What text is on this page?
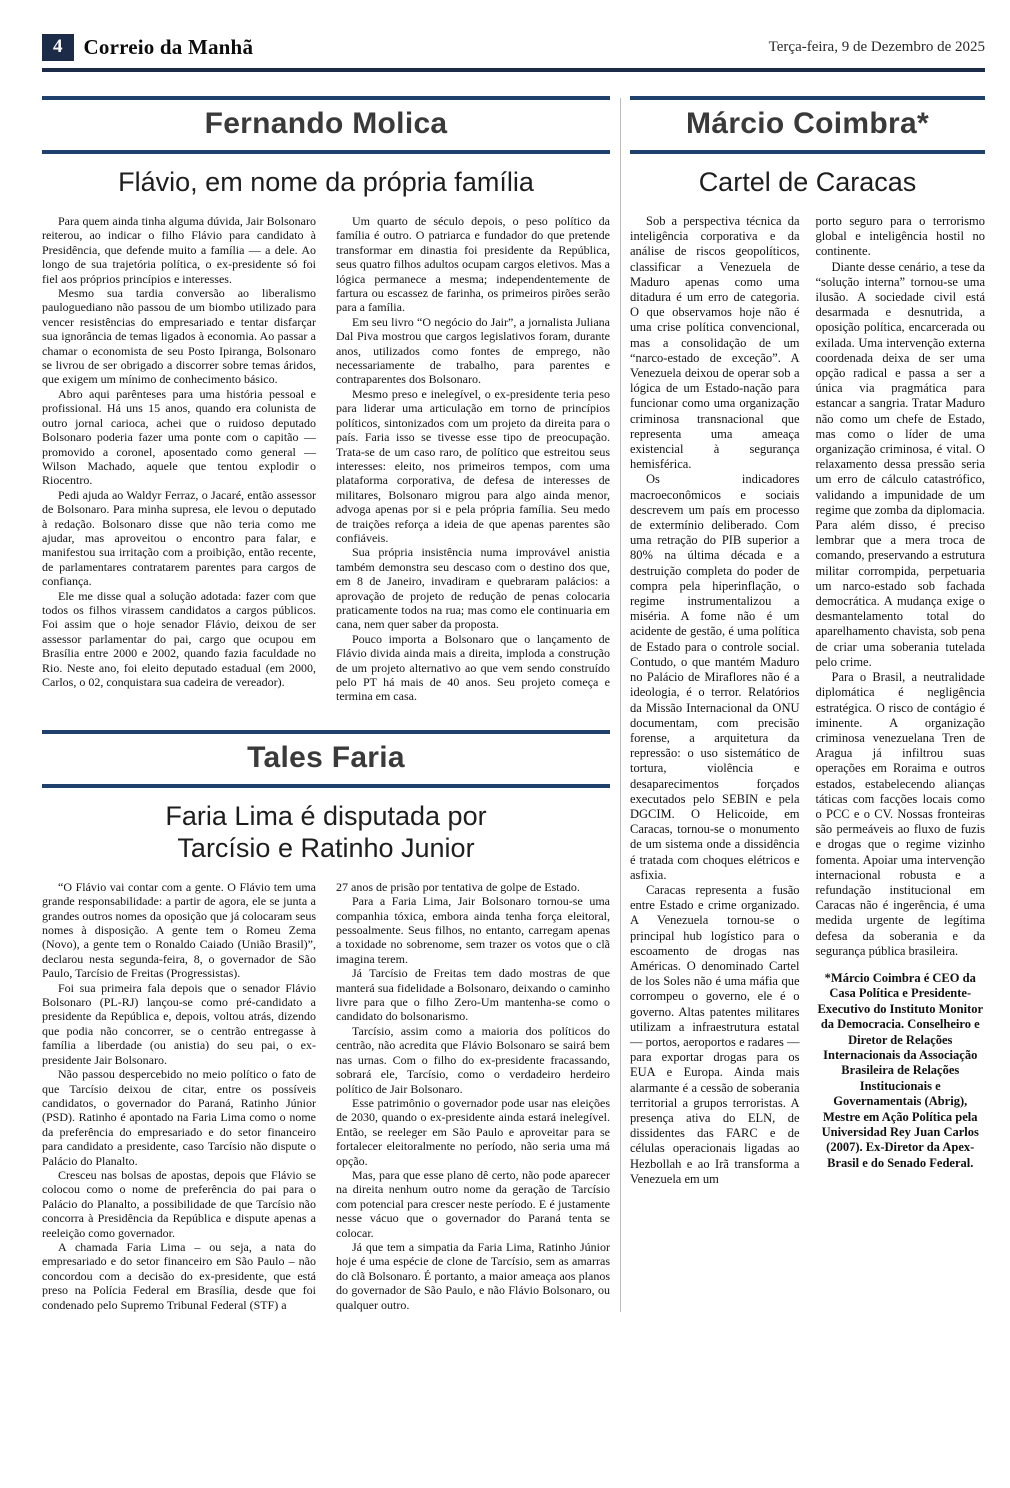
4	Correio da Manhã	Terça-feira, 9 de Dezembro de 2025
Fernando Molica
Flávio, em nome da própria família

Para quem ainda tinha alguma dúvida, Jair Bolsonaro reiterou, ao indicar o filho Flávio para candidato à Presidência, que defende muito a família — a dele. Ao longo de sua trajetória política, o ex-presidente só foi fiel aos próprios princípios e interesses.

Mesmo sua tardia conversão ao liberalismo pauloguediano não passou de um biombo utilizado para vencer resistências do empresariado e tentar disfarçar sua ignorância de temas ligados à economia. Ao passar a chamar o economista de seu Posto Ipiranga, Bolsonaro se livrou de ser obrigado a discorrer sobre temas áridos, que exigem um mínimo de conhecimento básico.

Abro aqui parênteses para uma história pessoal e profissional. Há uns 15 anos, quando era colunista de outro jornal carioca, achei que o ruidoso deputado Bolsonaro poderia fazer uma ponte com o capitão — promovido a coronel, aposentado como general — Wilson Machado, aquele que tentou explodir o Riocentro.

Pedi ajuda ao Waldyr Ferraz, o Jacaré, então assessor de Bolsonaro. Para minha supresa, ele levou o deputado à redação. Bolsonaro disse que não teria como me ajudar, mas aproveitou o encontro para falar, e manifestou sua irritação com a proibição, então recente, de parlamentares contratarem parentes para cargos de confiança.

Ele me disse qual a solução adotada: fazer com que todos os filhos virassem candidatos a cargos públicos. Foi assim que o hoje senador Flávio, deixou de ser assessor parlamentar do pai, cargo que ocupou em Brasília entre 2000 e 2002, quando fazia faculdade no Rio. Neste ano, foi eleito deputado estadual (em 2000, Carlos, o 02, conquistara sua cadeira de vereador).

Um quarto de século depois, o peso político da família é outro. O patriarca e fundador do que pretende transformar em dinastia foi presidente da República, seus quatro filhos adultos ocupam cargos eletivos. Mas a lógica permanece a mesma; independentemente de fartura ou escassez de farinha, os primeiros pirões serão para a família.

Em seu livro “O negócio do Jair”, a jornalista Juliana Dal Piva mostrou que cargos legislativos foram, durante anos, utilizados como fontes de emprego, não necessariamente de trabalho, para parentes e contraparentes dos Bolsonaro.

Mesmo preso e inelegível, o ex-presidente teria peso para liderar uma articulação em torno de princípios políticos, sintonizados com um projeto da direita para o país. Faria isso se tivesse esse tipo de preocupação. Trata-se de um caso raro, de político que estreitou seus interesses: eleito, nos primeiros tempos, com uma plataforma corporativa, de defesa de interesses de militares, Bolsonaro migrou para algo ainda menor, advoga apenas por si e pela própria família. Seu medo de traições reforça a ideia de que apenas parentes são confiáveis.

Sua própria insistência numa improvável anistia também demonstra seu descaso com o destino dos que, em 8 de Janeiro, invadiram e quebraram palácios: a aprovação de projeto de redução de penas colocaria praticamente todos na rua; mas como ele continuaria em cana, nem quer saber da proposta.

Pouco importa a Bolsonaro que o lançamento de Flávio divida ainda mais a direita, imploda a construção de um projeto alternativo ao que vem sendo construído pelo PT há mais de 40 anos. Seu projeto começa e termina em casa.

Tales Faria
Faria Lima é disputada por Tarcísio e Ratinho Junior

“O Flávio vai contar com a gente. O Flávio tem uma grande responsabilidade: a partir de agora, ele se junta a grandes outros nomes da oposição que já colocaram seus nomes à disposição. A gente tem o Romeu Zema (Novo), a gente tem o Ronaldo Caiado (União Brasil)”, declarou nesta segunda-feira, 8, o governador de São Paulo, Tarcísio de Freitas (Progressistas).

Foi sua primeira fala depois que o senador Flávio Bolsonaro (PL-RJ) lançou-se como pré-candidato a presidente da República e, depois, voltou atrás, dizendo que podia não concorrer, se o centrão entregasse à família a liberdade (ou anistia) do seu pai, o ex-presidente Jair Bolsonaro.

Não passou despercebido no meio político o fato de que Tarcísio deixou de citar, entre os possíveis candidatos, o governador do Paraná, Ratinho Júnior (PSD). Ratinho é apontado na Faria Lima como o nome da preferência do empresariado e do setor financeiro para candidato a presidente, caso Tarcísio não dispute o Palácio do Planalto.

Cresceu nas bolsas de apostas, depois que Flávio se colocou como o nome de preferência do pai para o Palácio do Planalto, a possibilidade de que Tarcísio não concorra à Presidência da República e dispute apenas a reeleição como governador.

A chamada Faria Lima – ou seja, a nata do empresariado e do setor financeiro em São Paulo – não concordou com a decisão do ex-presidente, que está preso na Polícia Federal em Brasília, desde que foi condenado pelo Supremo Tribunal Federal (STF) a

27 anos de prisão por tentativa de golpe de Estado.

Para a Faria Lima, Jair Bolsonaro tornou-se uma companhia tóxica, embora ainda tenha força eleitoral, pessoalmente. Seus filhos, no entanto, carregam apenas a toxidade no sobrenome, sem trazer os votos que o clã imagina terem.

Já Tarcísio de Freitas tem dado mostras de que manterá sua fidelidade a Bolsonaro, deixando o caminho livre para que o filho Zero-Um mantenha-se como o candidato do bolsonarismo.

Tarcísio, assim como a maioria dos políticos do centrão, não acredita que Flávio Bolsonaro se sairá bem nas urnas. Com o filho do ex-presidente fracassando, sobrará ele, Tarcísio, como o verdadeiro herdeiro político de Jair Bolsonaro.

Esse patrimônio o governador pode usar nas eleições de 2030, quando o ex-presidente ainda estará inelegível. Então, se reeleger em São Paulo e aproveitar para se fortalecer eleitoralmente no período, não seria uma má opção.

Mas, para que esse plano dê certo, não pode aparecer na direita nenhum outro nome da geração de Tarcísio com potencial para crescer neste período. E é justamente nesse vácuo que o governador do Paraná tenta se colocar.

Já que tem a simpatia da Faria Lima, Ratinho Júnior hoje é uma espécie de clone de Tarcísio, sem as amarras do clã Bolsonaro. É portanto, a maior ameaça aos planos do governador de São Paulo, e não Flávio Bolsonaro, ou qualquer outro.

Márcio Coimbra*
Cartel de Caracas

Sob a perspectiva técnica da inteligência corporativa e da análise de riscos geopolíticos, classificar a Venezuela de Maduro apenas como uma ditadura é um erro de categoria. O que observamos hoje não é uma crise política convencional, mas a consolidação de um “narco-estado de exceção”. A Venezuela deixou de operar sob a lógica de um Estado-nação para funcionar como uma organização criminosa transnacional que representa uma ameaça existencial à segurança hemisférica.

Os indicadores macroeconômicos e sociais descrevem um país em processo de extermínio deliberado. Com uma retração do PIB superior a 80% na última década e a destruição completa do poder de compra pela hiperinflação, o regime instrumentalizou a miséria. A fome não é um acidente de gestão, é uma política de Estado para o controle social. Contudo, o que mantém Maduro no Palácio de Miraflores não é a ideologia, é o terror. Relatórios da Missão Internacional da ONU documentam, com precisão forense, a arquitetura da repressão: o uso sistemático de tortura, violência e desaparecimentos forçados executados pelo SEBIN e pela DGCIM. O Helicoide, em Caracas, tornou-se o monumento de um sistema onde a dissidência é tratada com choques elétricos e asfixia.

Caracas representa a fusão entre Estado e crime organizado. A Venezuela tornou-se o principal hub logístico para o escoamento de drogas nas Américas. O denominado Cartel de los Soles não é uma máfia que corrompeu o governo, ele é o governo. Altas patentes militares utilizam a infraestrutura estatal — portos, aeroportos e radares — para exportar drogas para os EUA e Europa. Ainda mais alarmante é a cessão de soberania territorial a grupos terroristas. A presença ativa do ELN, de dissidentes das FARC e de células operacionais ligadas ao Hezbollah e ao Irã transforma a Venezuela em um

porto seguro para o terrorismo global e inteligência hostil no continente.

Diante desse cenário, a tese da “solução interna” tornou-se uma ilusão. A sociedade civil está desarmada e desnutrida, a oposição política, encarcerada ou exilada. Uma intervenção externa coordenada deixa de ser uma opção radical e passa a ser a única via pragmática para estancar a sangria. Tratar Maduro não como um chefe de Estado, mas como o líder de uma organização criminosa, é vital. O relaxamento dessa pressão seria um erro de cálculo catastrófico, validando a impunidade de um regime que zomba da diplomacia. Para além disso, é preciso lembrar que a mera troca de comando, preservando a estrutura militar corrompida, perpetuaria um narco-estado sob fachada democrática. A mudança exige o desmantelamento total do aparelhamento chavista, sob pena de criar uma soberania tutelada pelo crime.

Para o Brasil, a neutralidade diplomática é negligência estratégica. O risco de contágio é iminente. A organização criminosa venezuelana Tren de Aragua já infiltrou suas operações em Roraima e outros estados, estabelecendo alianças táticas com facções locais como o PCC e o CV. Nossas fronteiras são permeáveis ao fluxo de fuzis e drogas que o regime vizinho fomenta. Apoiar uma intervenção internacional robusta e a refundação institucional em Caracas não é ingerência, é uma medida urgente de legítima defesa da soberania e da segurança pública brasileira.

*Márcio Coimbra é CEO da Casa Política e Presidente-Executivo do Instituto Monitor da Democracia. Conselheiro e Diretor de Relações Internacionais da Associação Brasileira de Relações Institucionais e Governamentais (Abrig), Mestre em Ação Política pela Universidad Rey Juan Carlos (2007). Ex-Diretor da Apex-Brasil e do Senado Federal.
